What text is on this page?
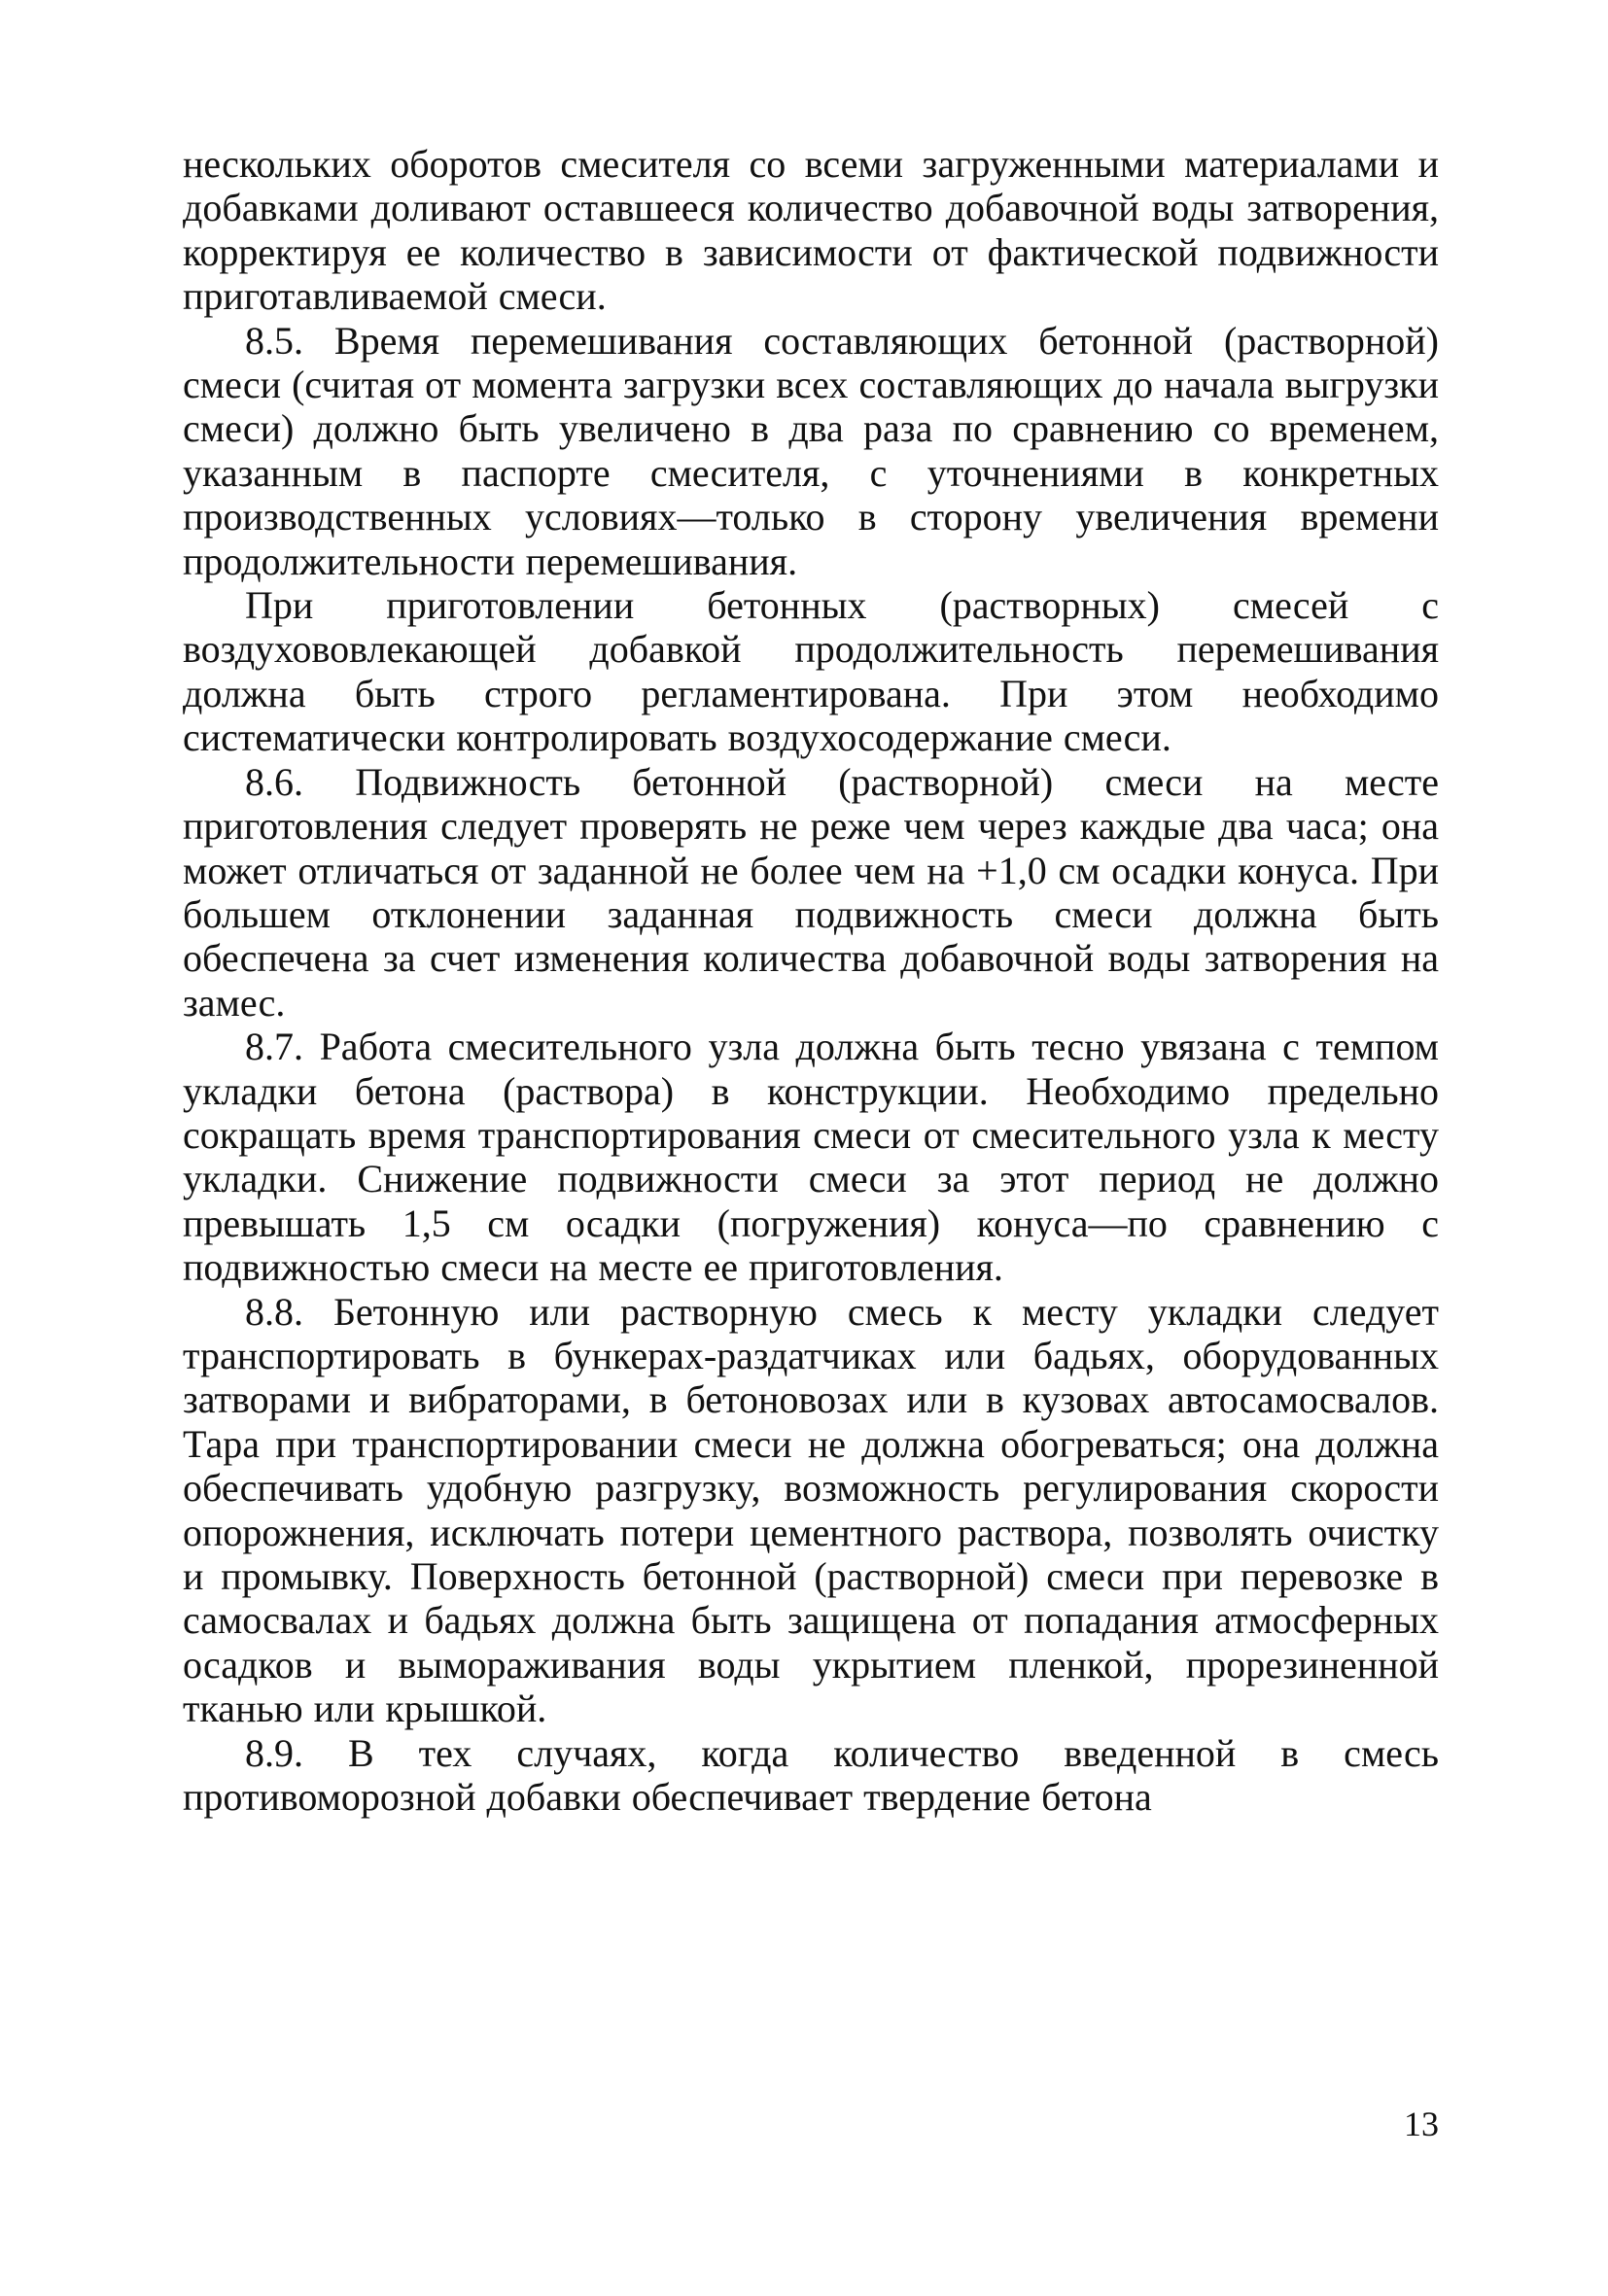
нескольких оборотов смесителя со всеми загруженными материалами и добавками доливают оставшееся количество добавочной воды затворения, корректируя ее количество в зависимости от фактической подвижности приготавливаемой смеси.

8.5. Время перемешивания составляющих бетонной (растворной) смеси (считая от момента загрузки всех составляющих до начала выгрузки смеси) должно быть увеличено в два раза по сравнению со временем, указанным в паспорте смесителя, с уточнениями в конкретных производственных условиях—только в сторону увеличения времени продолжительности перемешивания.

При приготовлении бетонных (растворных) смесей с воздухововлекающей добавкой продолжительность перемешивания должна быть строго регламентирована. При этом необходимо систематически контролировать воздухосодержание смеси.

8.6. Подвижность бетонной (растворной) смеси на месте приготовления следует проверять не реже чем через каждые два часа; она может отличаться от заданной не более чем на +1,0 см осадки конуса. При большем отклонении заданная подвижность смеси должна быть обеспечена за счет изменения количества добавочной воды затворения на замес.

8.7. Работа смесительного узла должна быть тесно увязана с темпом укладки бетона (раствора) в конструкции. Необходимо предельно сокращать время транспортирования смеси от смесительного узла к месту укладки. Снижение подвижности смеси за этот период не должно превышать 1,5 см осадки (погружения) конуса—по сравнению с подвижностью смеси на месте ее приготовления.

8.8. Бетонную или растворную смесь к месту укладки следует транспортировать в бункерах-раздатчиках или бадьях, оборудованных затворами и вибраторами, в бетоновозах или в кузовах автосамосвалов. Тара при транспортировании смеси не должна обогреваться; она должна обеспечивать удобную разгрузку, возможность регулирования скорости опорожнения, исключать потери цементного раствора, позволять очистку и промывку. Поверхность бетонной (растворной) смеси при перевозке в самосвалах и бадьях должна быть защищена от попадания атмосферных осадков и вымораживания воды укрытием пленкой, прорезиненной тканью или крышкой.

8.9. В тех случаях, когда количество введенной в смесь противоморозной добавки обеспечивает твердение бетона

13
